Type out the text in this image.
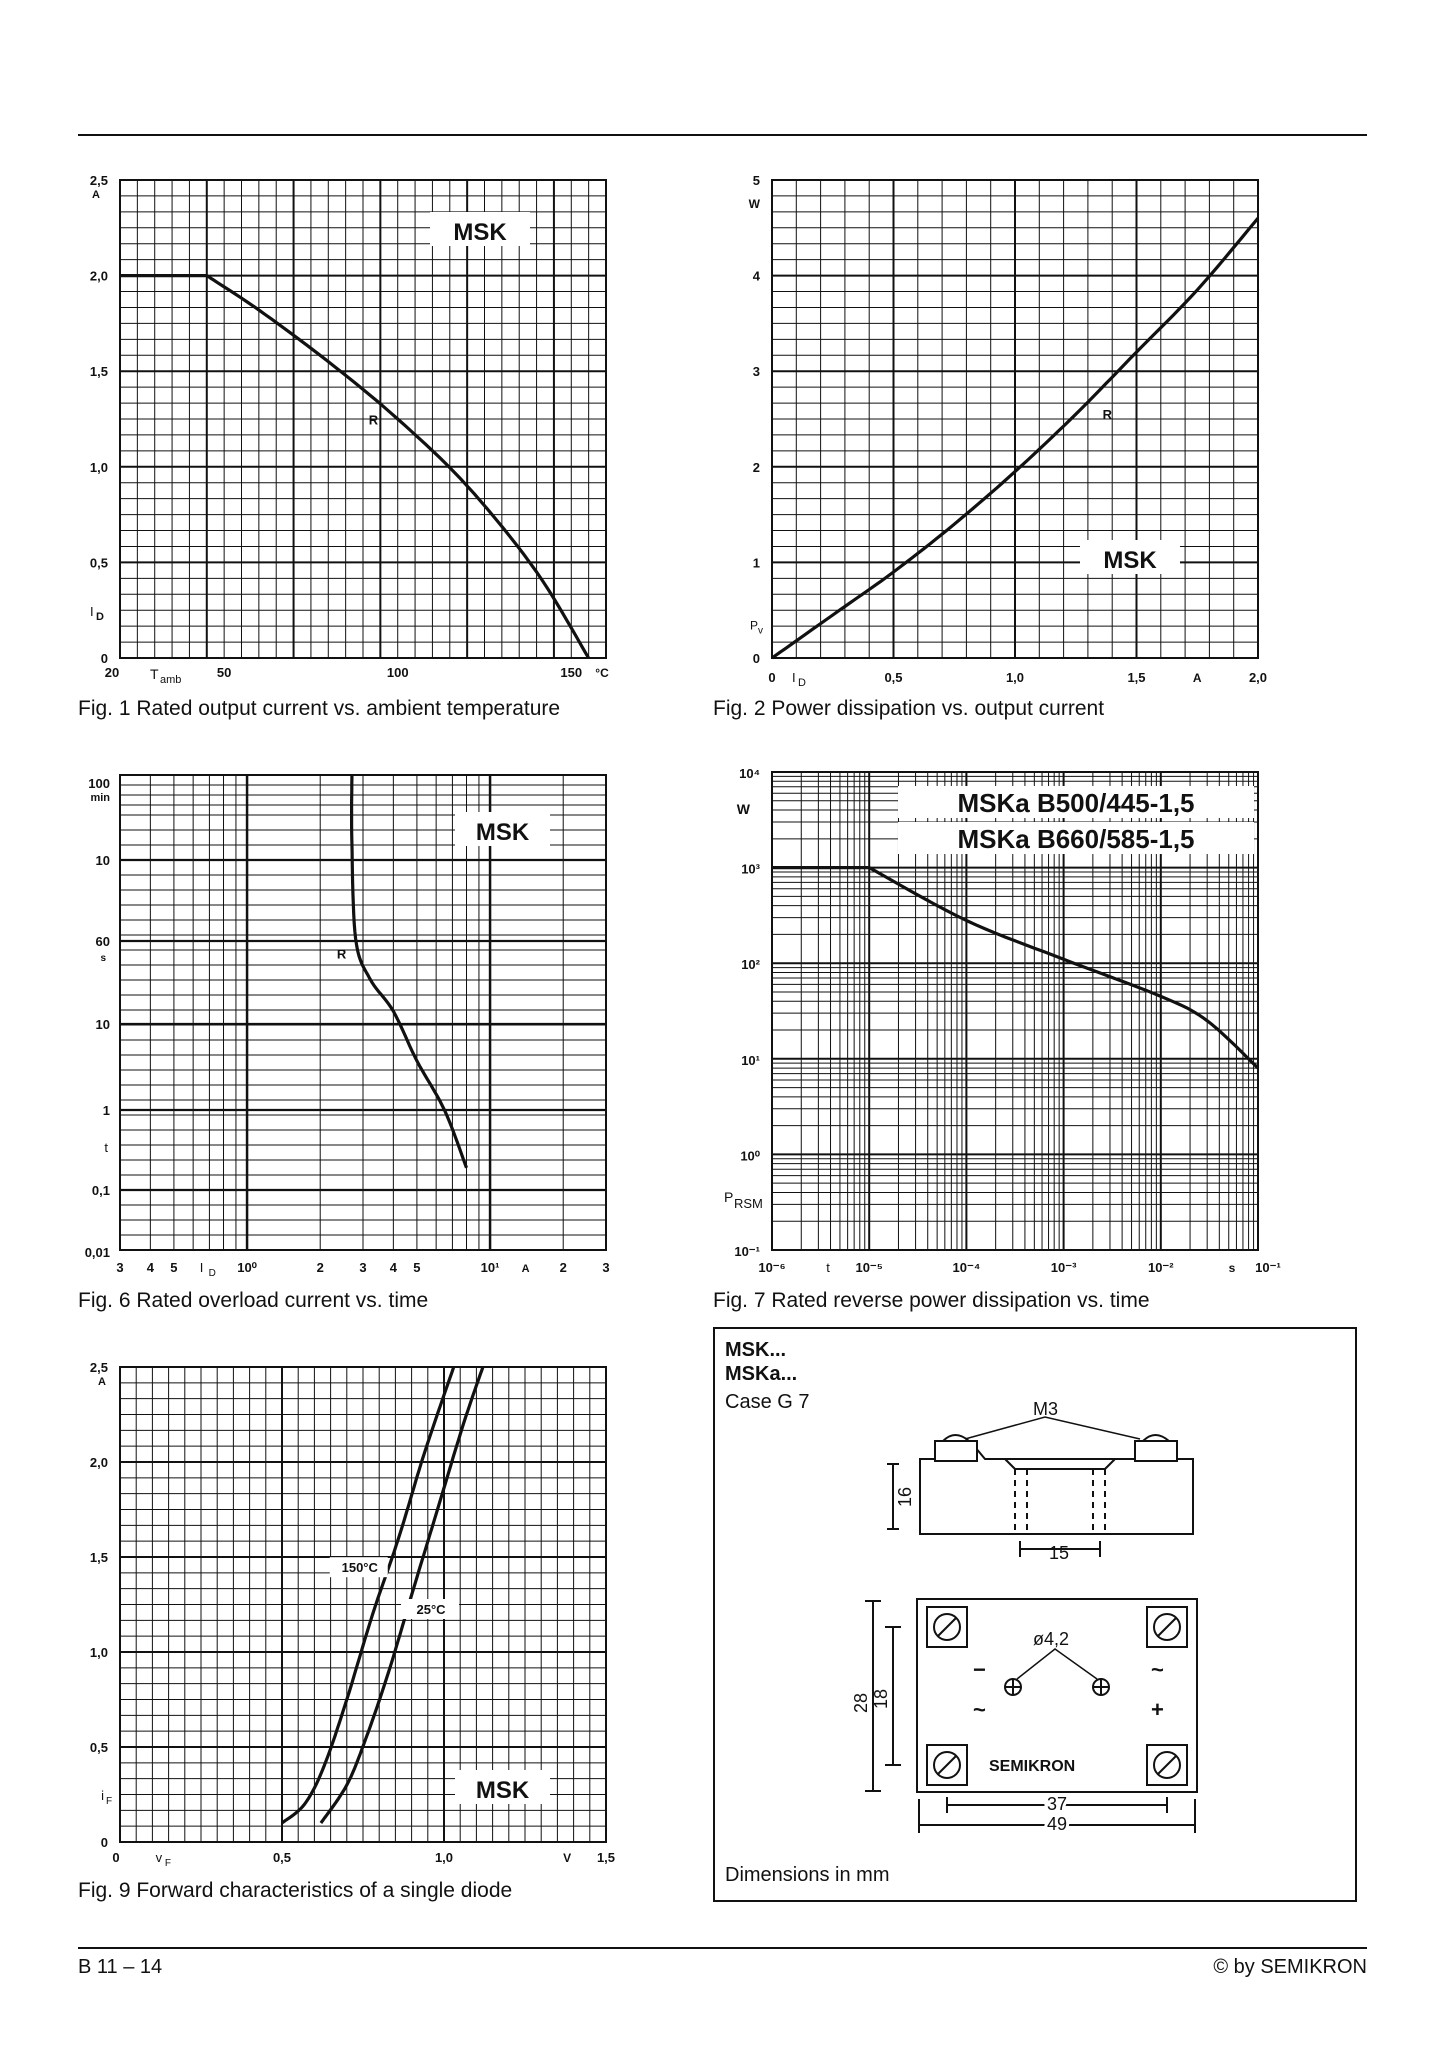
MSK
R
0
0,5
1,0
1,5
2,0
2,5
20	50	100	150
A
I D
T amb	°C
MSK
R
0
1
2
3
4
5
0	0,5	1,0	1,5	2,0
W
P v
I D	A
MSK
R
100
10
60
10
1
0,1
0,01
min
s
t
3 4 5	10⁰	2	3 4 5	10¹	2	3
I D	A
MSKa B500/445-1,5
MSKa B660/585-1,5
10⁻¹
10⁰
10¹
10²
10³
10⁴
10⁻⁶	10⁻⁵	10⁻⁴	10⁻³	10⁻²	10⁻¹
W
P RSM
t	s
MSK
150°C
25°C
0
0,5
1,0
1,5
2,0
2,5
0	0,5	1,0	1,5
A
i F
v F	V
Fig. 1 Rated output current vs. ambient temperature	Fig. 2 Power dissipation vs. output current
Fig. 6 Rated overload current vs. time	Fig. 7 Rated reverse power dissipation vs. time
Fig. 9 Forward characteristics of a single diode
MSK...
MSKa...
Case G 7
Dimensions in mm
M3
16
15
ø4,2
28 18
37
49
SEMIKRON
−
~
~
+
B 11 – 14	© by SEMIKRON
